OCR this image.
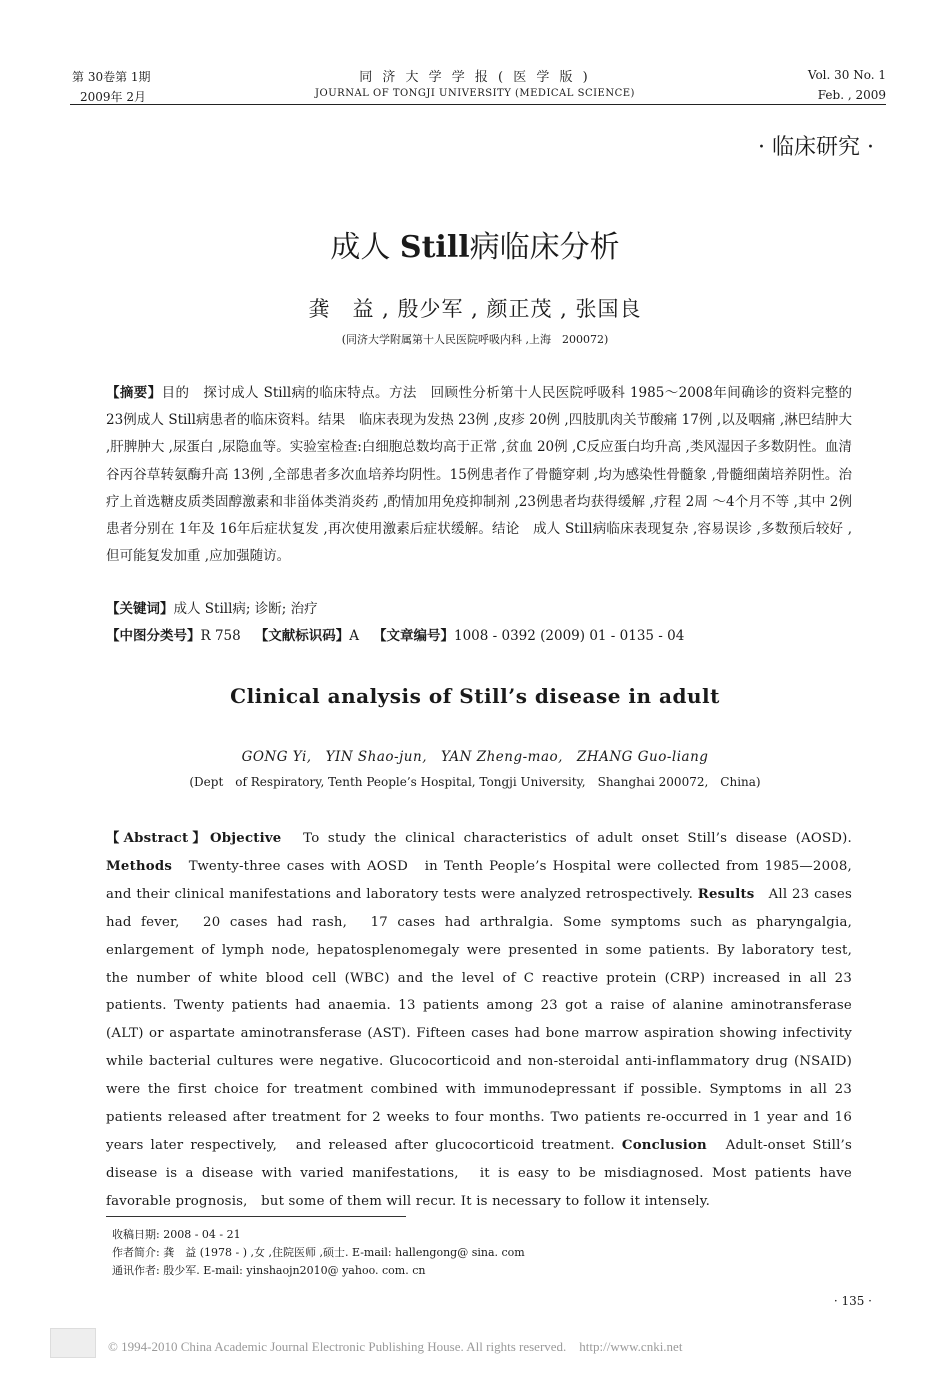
第 30卷第 1期
2009年 2月
同 济 大 学 学 报 ( 医 学 版 )
JOURNAL OF TONGJI UNIVERSITY (MEDICAL SCIENCE)
Vol. 30 No. 1
Feb. , 2009
· 临床研究 ·
成人 Still病临床分析
龚　益 , 殷少军 , 颜正茂 , 张国良
(同济大学附属第十人民医院呼吸内科 ,上海　200072)
【摘要】目的　探讨成人 Still病的临床特点。方法　回顾性分析第十人民医院呼吸科 1985～2008年间确诊的资料完整的 23例成人 Still病患者的临床资料。结果　临床表现为发热 23例 ,皮疹 20例 ,四肢肌肉关节酸痛 17例 ,以及咽痛 ,淋巴结肿大 ,肝脾肿大 ,尿蛋白 ,尿隐血等。实验室检查:白细胞总数均高于正常 ,贫血 20例 ,C反应蛋白均升高 ,类风湿因子多数阴性。血清谷丙谷草转氨酶升高 13例 ,全部患者多次血培养均阴性。15例患者作了骨髓穿刺 ,均为感染性骨髓象 ,骨髓细菌培养阴性。治疗上首选糖皮质类固醇激素和非甾体类消炎药 ,酌情加用免疫抑制剂 ,23例患者均获得缓解 ,疗程 2周 ～4个月不等 ,其中 2例患者分别在 1年及 16年后症状复发 ,再次使用激素后症状缓解。结论　成人 Still病临床表现复杂 ,容易误诊 ,多数预后较好 ,但可能复发加重 ,应加强随访。
【关键词】成人 Still病; 诊断; 治疗
【中图分类号】R 758 【文献标识码】A 【文章编号】1008 - 0392 (2009) 01 - 0135 - 04
Clinical analysis of Still’s disease in adult
GONG Yi,　YIN Shao-jun,　YAN Zheng-mao,　ZHANG Guo-liang
(Dept　of Respiratory, Tenth People’s Hospital, Tongji University,　Shanghai 200072,　China)
【Abstract】Objective　To study the clinical characteristics of adult onset Still’s disease (AOSD). Methods　Twenty-three cases with AOSD　in Tenth People’s Hospital were collected from 1985—2008,　and their clinical manifestations and laboratory tests were analyzed retrospectively. Results　All 23 cases had fever,　20 cases had rash,　17 cases had arthralgia. Some symptoms such as pharyngalgia,　enlargement of lymph node, hepatosplenomegaly were presented in some patients. By laboratory test,　the number of white blood cell (WBC) and the level of C reactive protein (CRP) increased in all 23 patients. Twenty patients had anaemia. 13 patients among 23 got a raise of alanine aminotransferase (ALT) or aspartate aminotransferase (AST). Fifteen cases had bone marrow aspiration showing infectivity while bacterial cultures were negative. Glucocorticoid and non-steroidal anti-inflammatory drug (NSAID) were the first choice for treatment combined with immunodepressant if possible. Symptoms in all 23 patients released after treatment for 2 weeks to four months. Two patients re-occurred in 1 year and 16 years later respectively,　and released after glucocorticoid treatment. Conclusion　Adult-onset Still’s disease is a disease with varied manifestations,　it is easy to be misdiagnosed. Most patients have favorable prognosis,　but some of them will recur. It is necessary to follow it intensely.
收稿日期: 2008 - 04 - 21
作者简介: 龚　益 (1978 - ) ,女 ,住院医师 ,硕士. E-mail: hallengong@ sina. com
通讯作者: 殷少军. E-mail: yinshaojn2010@ yahoo. com. cn
· 135 ·
© 1994-2010 China Academic Journal Electronic Publishing House. All rights reserved.　http://www.cnki.net
